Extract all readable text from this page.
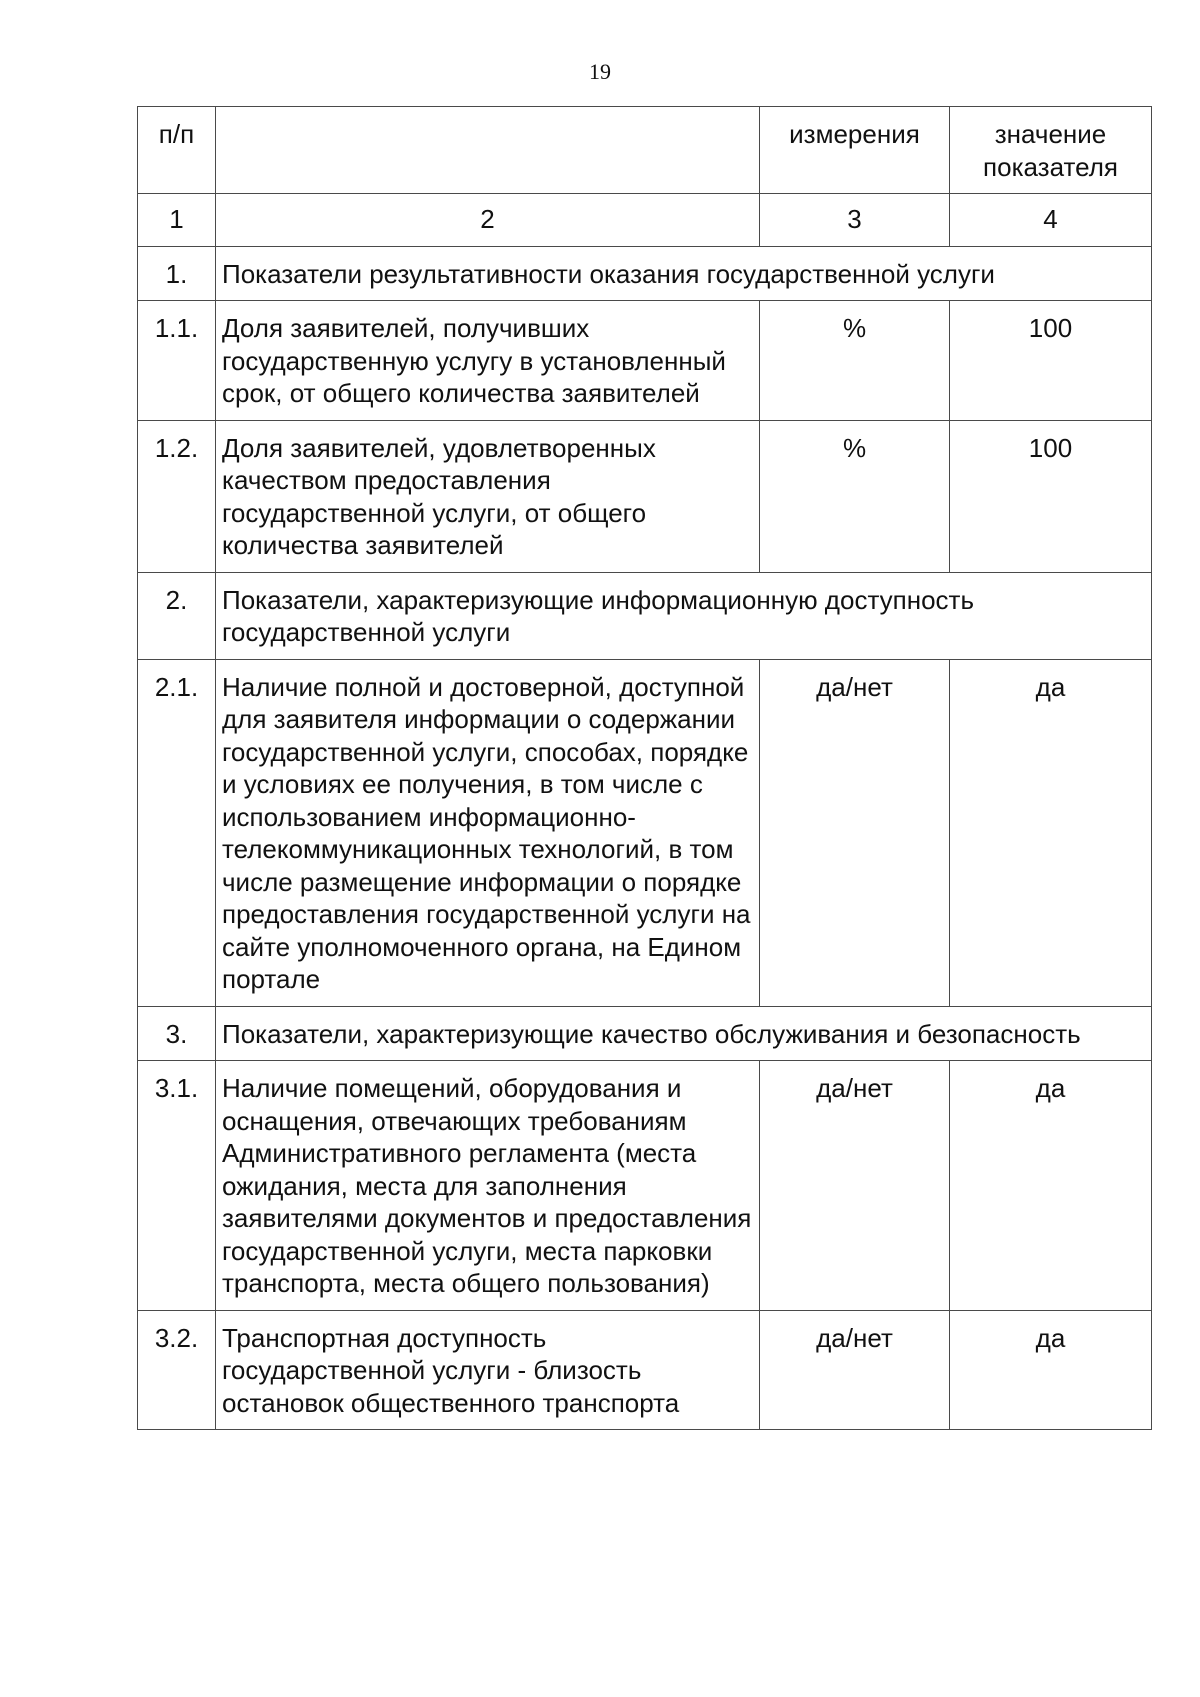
19
п/п		измерения	значение показателя
1	2	3	4
1.	Показатели результативности оказания государственной услуги		
1.1.	Доля заявителей, получивших государственную услугу в установленный срок, от общего количества заявителей	%	100
1.2.	Доля заявителей, удовлетворенных качеством предоставления государственной услуги, от общего количества заявителей	%	100
2.	Показатели, характеризующие информационную доступность государственной услуги		
2.1.	Наличие полной и достоверной, доступной для заявителя информации о содержании государственной услуги, способах, порядке и условиях ее получения, в том числе с использованием информационно-телекоммуникационных технологий, в том числе размещение информации о порядке предоставления государственной услуги на сайте уполномоченного органа, на Едином портале	да/нет	да
3.	Показатели, характеризующие качество обслуживания и безопасность		
3.1.	Наличие помещений, оборудования и оснащения, отвечающих требованиям Административного регламента (места ожидания, места для заполнения заявителями документов и предоставления государственной услуги, места парковки транспорта, места общего пользования)	да/нет	да
3.2.	Транспортная доступность государственной услуги - близость остановок общественного транспорта	да/нет	да
